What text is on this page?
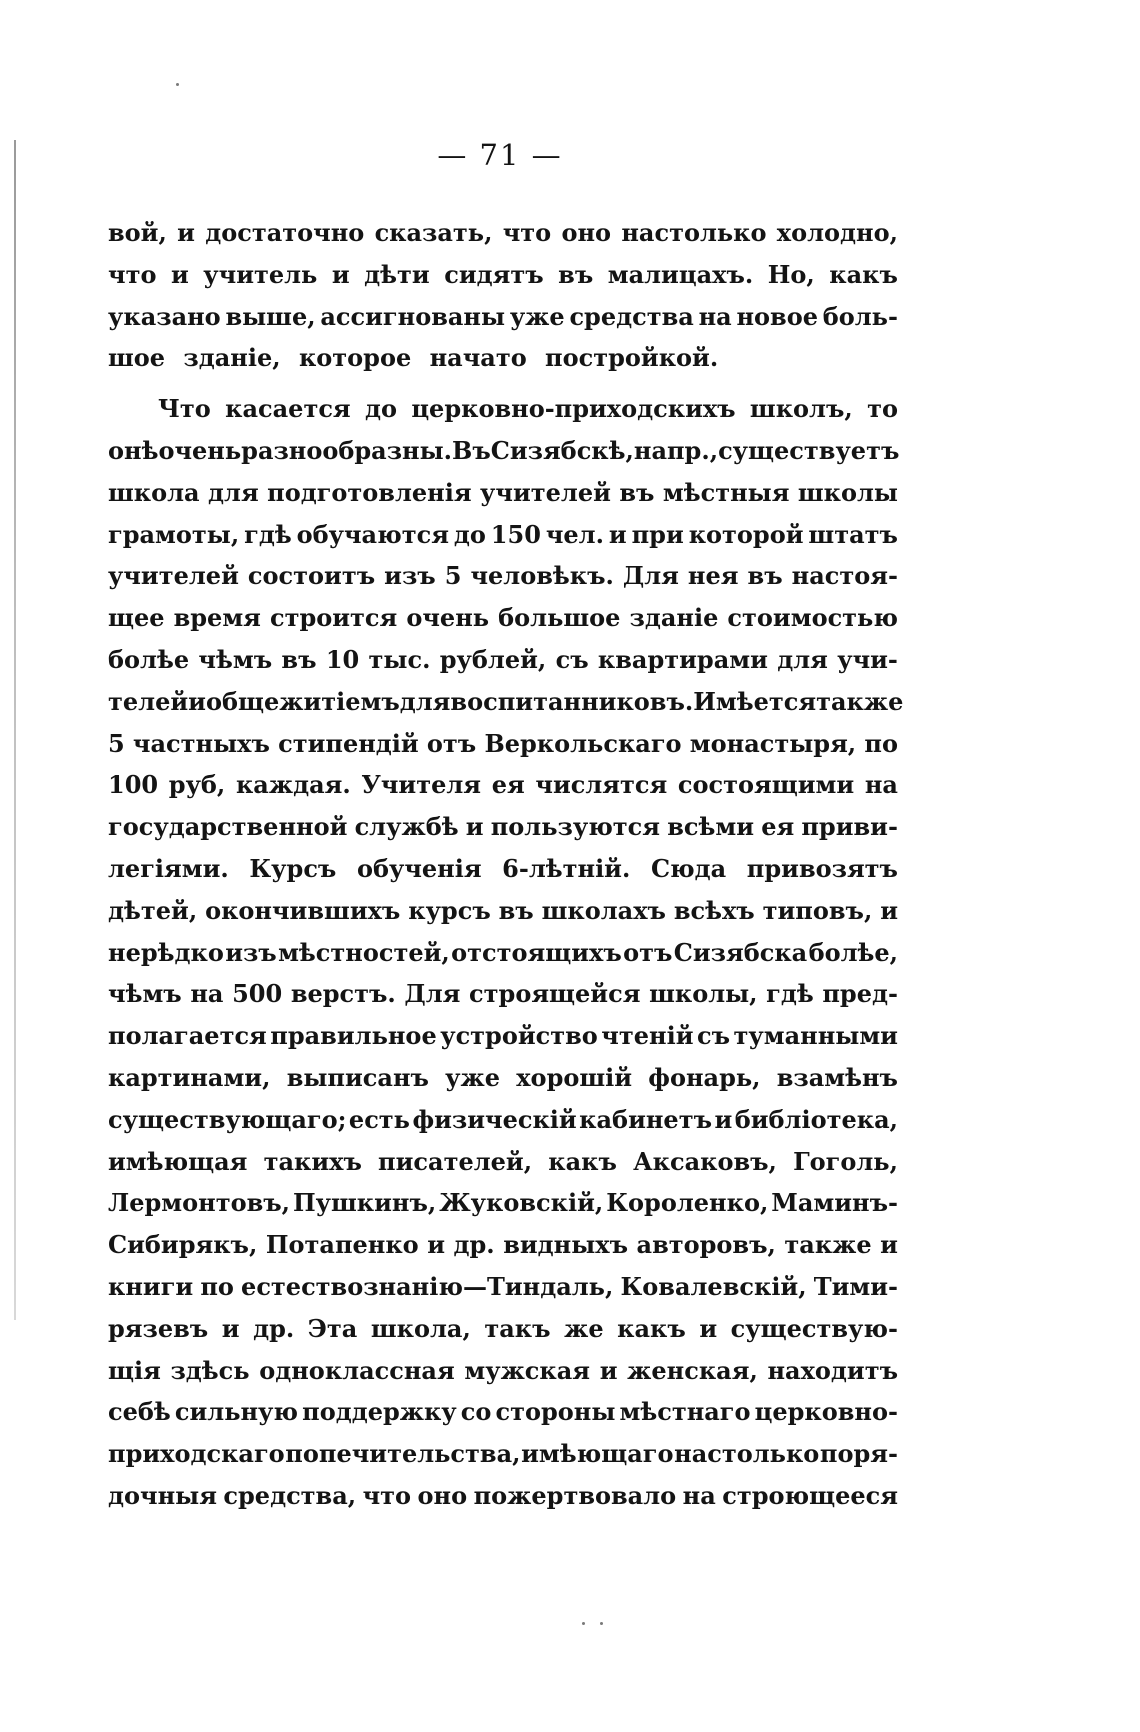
— 71 —
вой, и достаточно сказать, что оно настолько холодно,
что и учитель и дѣти сидятъ въ малицахъ. Но, какъ
указано выше, ассигнованы уже средства на новое боль-
шое зданіе, которое начато постройкой.
Что касается до церковно-приходскихъ школъ, то
онѣ очень разнообразны. Въ Сизябскѣ, напр., существуетъ
школа для подготовленія учителей въ мѣстныя школы
грамоты, гдѣ обучаются до 150 чел. и при которой штатъ
учителей состоитъ изъ 5 человѣкъ. Для нея въ настоя-
щее время строится очень большое зданіе стоимостью
болѣе чѣмъ въ 10 тыс. рублей, съ квартирами для учи-
телей и общежитіемъ для воспитанниковъ. Имѣется также
5 частныхъ стипендій отъ Веркольскаго монастыря, по
100 руб, каждая. Учителя ея числятся состоящими на
государственной службѣ и пользуются всѣми ея приви-
легіями. Курсъ обученія 6-лѣтній. Сюда привозятъ
дѣтей, окончившихъ курсъ въ школахъ всѣхъ типовъ, и
нерѣдко изъ мѣстностей, отстоящихъ отъ Сизябска болѣе,
чѣмъ на 500 верстъ. Для строящейся школы, гдѣ пред-
полагается правильное устройство чтеній съ туманными
картинами, выписанъ уже хорошій фонарь, взамѣнъ
существующаго; есть физическій кабинетъ и библіотека,
имѣющая такихъ писателей, какъ Аксаковъ, Гоголь,
Лермонтовъ, Пушкинъ, Жуковскій, Короленко, Маминъ-
Сибирякъ, Потапенко и др. видныхъ авторовъ, также и
книги по естествознанію—Тиндаль, Ковалевскій, Тими-
рязевъ и др. Эта школа, такъ же какъ и существую-
щія здѣсь одноклассная мужская и женская, находитъ
себѣ сильную поддержку со стороны мѣстнаго церковно-
приходскаго попечительства, имѣющаго настолько поря-
дочныя средства, что оно пожертвовало на строющееся
